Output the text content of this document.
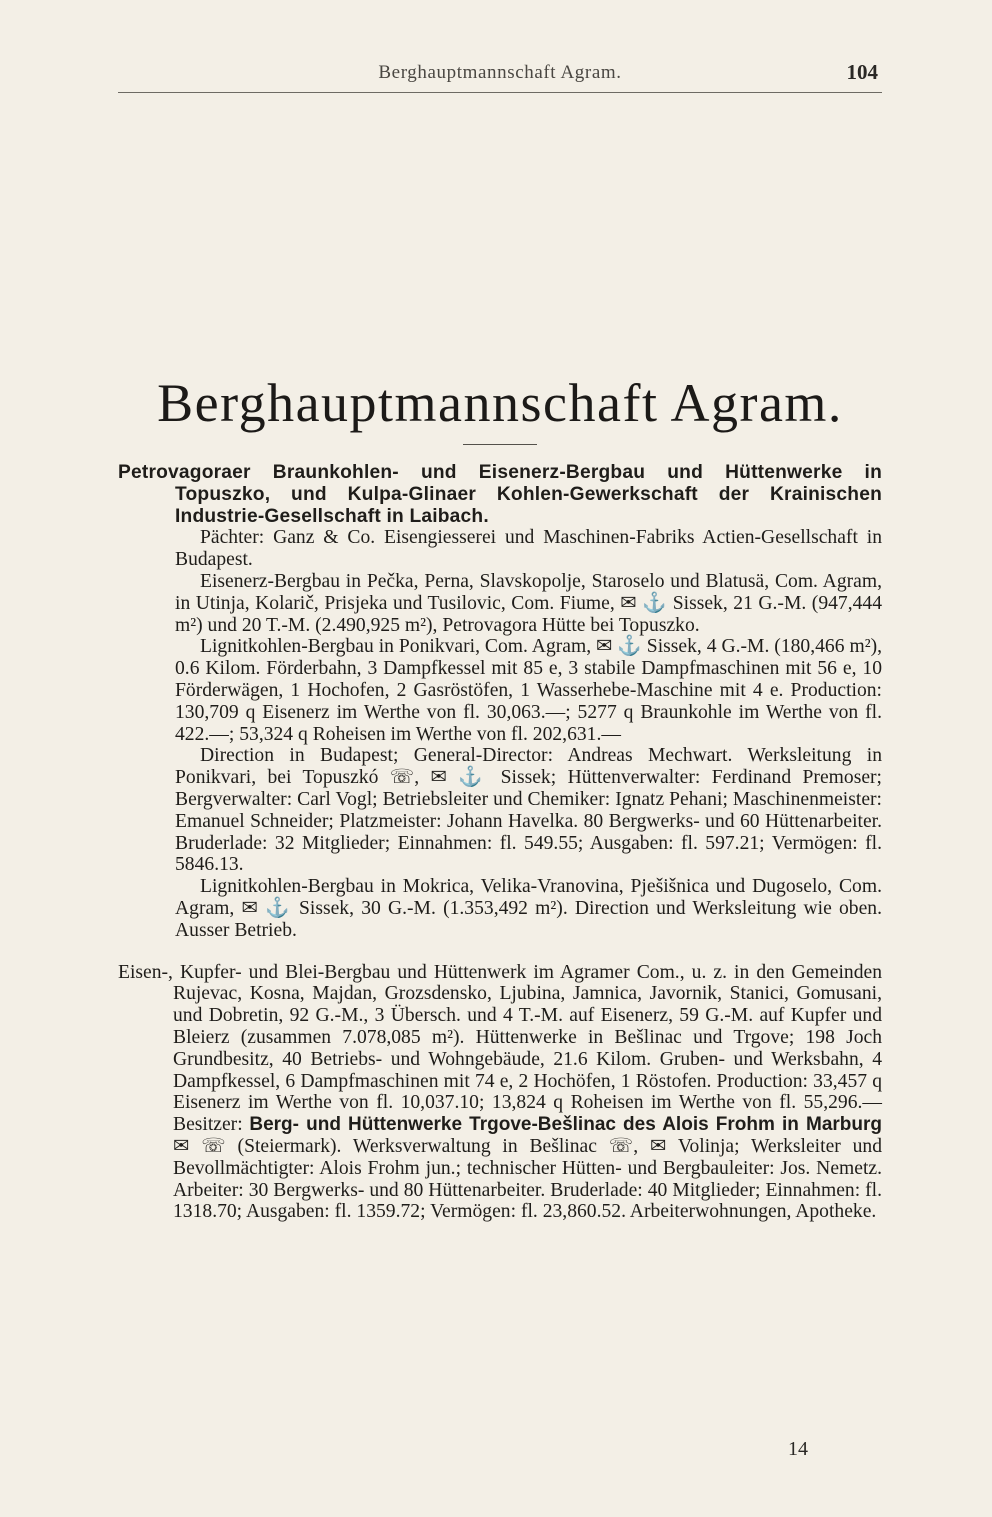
Berghauptmannschaft Agram.	104
Berghauptmannschaft Agram.

Petrovagoraer Braunkohlen- und Eisenerz-Bergbau und Hüttenwerke in Topuszko, und Kulpa-Glinaer Kohlen-Gewerkschaft der Krainischen Industrie-Gesellschaft in Laibach.

Pächter: Ganz & Co. Eisengiesserei und Maschinen-Fabriks Actien-Gesellschaft in Budapest.

Eisenerz-Bergbau in Pečka, Perna, Slavskopolje, Staroselo und Blatusä, Com. Agram, in Utinja, Kolarič, Prisjeka und Tusilovic, Com. Fiume, ✉ ⚓ Sissek, 21 G.-M. (947,444 m²) und 20 T.-M. (2.490,925 m²), Petrovagora Hütte bei Topuszko.

Lignitkohlen-Bergbau in Ponikvari, Com. Agram, ✉ ⚓ Sissek, 4 G.-M. (180,466 m²), 0.6 Kilom. Förderbahn, 3 Dampfkessel mit 85 e, 3 stabile Dampfmaschinen mit 56 e, 10 Förderwägen, 1 Hochofen, 2 Gasröstöfen, 1 Wasserhebe-Maschine mit 4 e. Production: 130,709 q Eisenerz im Werthe von fl. 30,063.—; 5277 q Braunkohle im Werthe von fl. 422.—; 53,324 q Roheisen im Werthe von fl. 202,631.—

Direction in Budapest; General-Director: Andreas Mechwart. Werksleitung in Ponikvari, bei Topuszkó ☏, ✉ ⚓ Sissek; Hüttenverwalter: Ferdinand Premoser; Bergverwalter: Carl Vogl; Betriebsleiter und Chemiker: Ignatz Pehani; Maschinenmeister: Emanuel Schneider; Platzmeister: Johann Havelka. 80 Bergwerks- und 60 Hüttenarbeiter. Bruderlade: 32 Mitglieder; Einnahmen: fl. 549.55; Ausgaben: fl. 597.21; Vermögen: fl. 5846.13.

Lignitkohlen-Bergbau in Mokrica, Velika-Vranovina, Pješišnica und Dugoselo, Com. Agram, ✉ ⚓ Sissek, 30 G.-M. (1.353,492 m²). Direction und Werksleitung wie oben. Ausser Betrieb.

Eisen-, Kupfer- und Blei-Bergbau und Hüttenwerk im Agramer Com., u. z. in den Gemeinden Rujevac, Kosna, Majdan, Grozsdensko, Ljubina, Jamnica, Javornik, Stanici, Gomusani, und Dobretin, 92 G.-M., 3 Übersch. und 4 T.-M. auf Eisenerz, 59 G.-M. auf Kupfer und Bleierz (zusammen 7.078,085 m²). Hüttenwerke in Bešlinac und Trgove; 198 Joch Grundbesitz, 40 Betriebs- und Wohngebäude, 21.6 Kilom. Gruben- und Werksbahn, 4 Dampfkessel, 6 Dampfmaschinen mit 74 e, 2 Hochöfen, 1 Röstofen. Production: 33,457 q Eisenerz im Werthe von fl. 10,037.10; 13,824 q Roheisen im Werthe von fl. 55,296.— Besitzer: Berg- und Hüttenwerke Trgove-Bešlinac des Alois Frohm in Marburg ✉ ☏ (Steiermark). Werksverwaltung in Bešlinac ☏, ✉ Volinja; Werksleiter und Bevollmächtigter: Alois Frohm jun.; technischer Hütten- und Bergbauleiter: Jos. Nemetz. Arbeiter: 30 Bergwerks- und 80 Hüttenarbeiter. Bruderlade: 40 Mitglieder; Einnahmen: fl. 1318.70; Ausgaben: fl. 1359.72; Vermögen: fl. 23,860.52. Arbeiterwohnungen, Apotheke.

14
